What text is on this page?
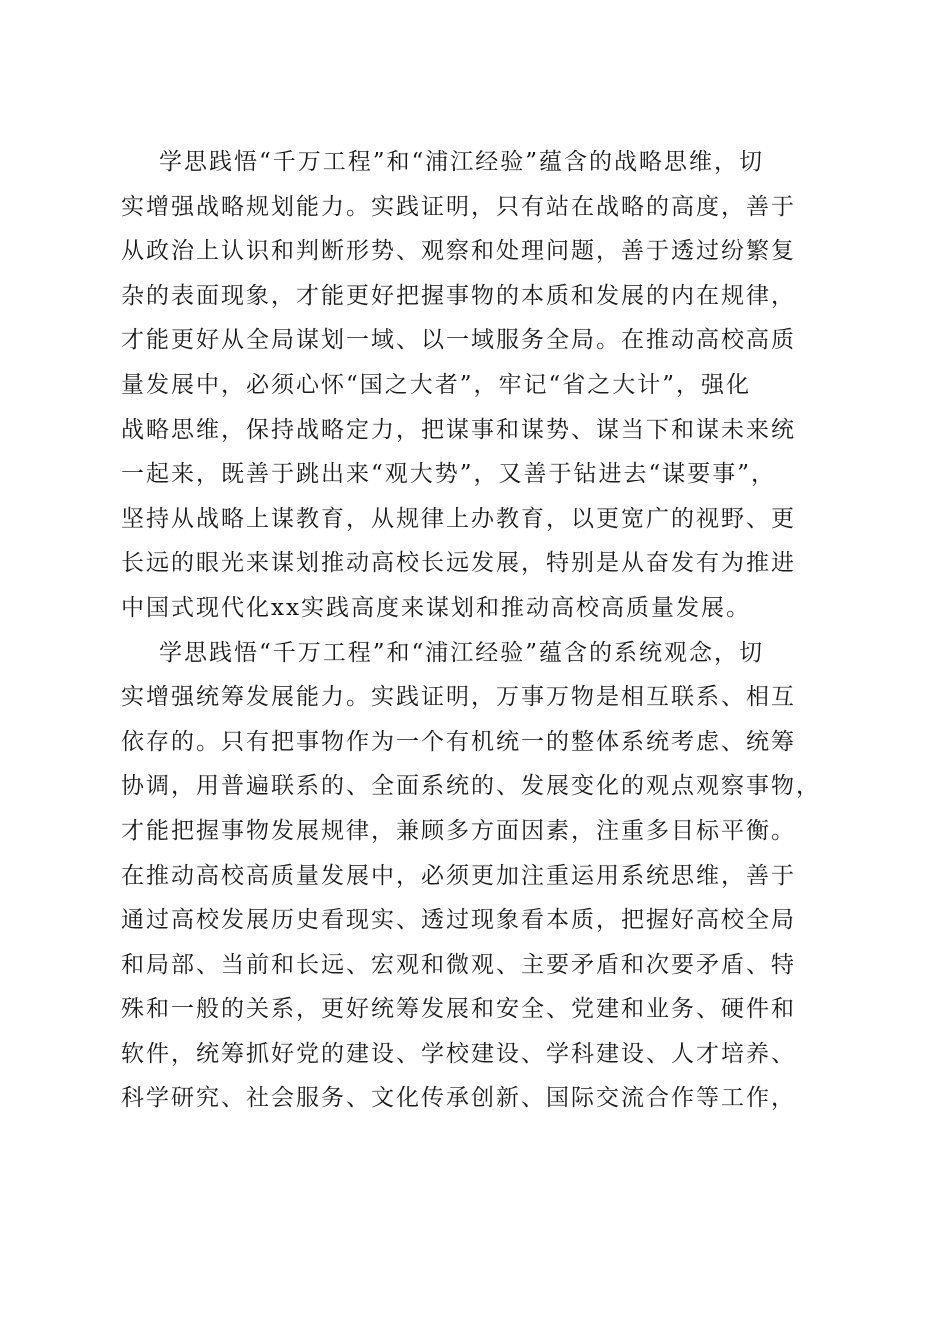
学思践悟“千万工程”和“浦江经验”蕴含的战略思维，切
实增强战略规划能力。实践证明，只有站在战略的高度，善于
从政治上认识和判断形势、观察和处理问题，善于透过纷繁复
杂的表面现象，才能更好把握事物的本质和发展的内在规律，
才能更好从全局谋划一域、以一域服务全局。在推动高校高质
量发展中，必须心怀“国之大者”，牢记“省之大计”，强化
战略思维，保持战略定力，把谋事和谋势、谋当下和谋未来统
一起来，既善于跳出来“观大势”，又善于钻进去“谋要事”，
坚持从战略上谋教育，从规律上办教育，以更宽广的视野、更
长远的眼光来谋划推动高校长远发展，特别是从奋发有为推进
中国式现代化xx实践高度来谋划和推动高校高质量发展。
学思践悟“千万工程”和“浦江经验”蕴含的系统观念，切
实增强统筹发展能力。实践证明，万事万物是相互联系、相互
依存的。只有把事物作为一个有机统一的整体系统考虑、统筹
协调，用普遍联系的、全面系统的、发展变化的观点观察事物，
才能把握事物发展规律，兼顾多方面因素，注重多目标平衡。
在推动高校高质量发展中，必须更加注重运用系统思维，善于
通过高校发展历史看现实、透过现象看本质，把握好高校全局
和局部、当前和长远、宏观和微观、主要矛盾和次要矛盾、特
殊和一般的关系，更好统筹发展和安全、党建和业务、硬件和
软件，统筹抓好党的建设、学校建设、学科建设、人才培养、
科学研究、社会服务、文化传承创新、国际交流合作等工作，
